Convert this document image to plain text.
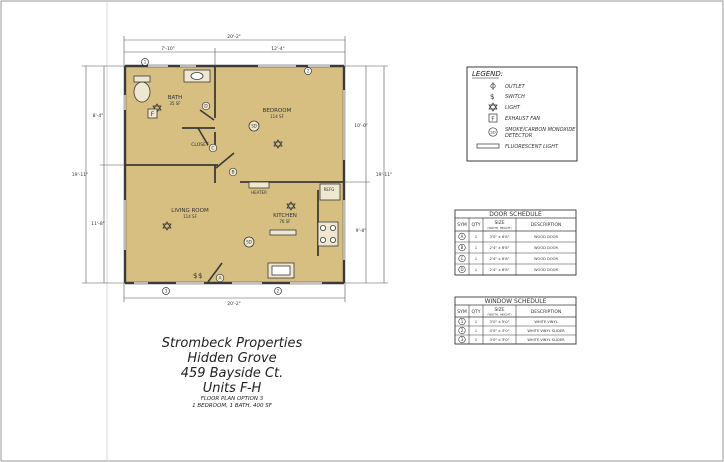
SD
SD
F
$ $
BATH
35 SF
BEDROOM
114 SF
CLOSET
LIVING ROOM
114 SF	KITCHEN
76 SF
HEATER
REFG
A
B
C
D
1
2
3	2
20'-2"
7'-10"	12'-4"
20'-2"
19'-11"
8'-4"
11'-8"
19'-11"
10'-0"
9'-8"
LEGEND:
OUTLET
$ SWITCH
LIGHT
F EXHAUST FAN
SD SMOKE/CARBON MONOXIDE
DETECTOR
FLUORESCENT LIGHT
DOOR SCHEDULE
SYM QTY	SIZE
(WIDTH, HEIGHT)	DESCRIPTION
A	1	3'0" x 6'8"	WOOD DOOR
B	1	2'4" x 6'8"	WOOD DOOR
C	1	2'4" x 6'8"	WOOD DOOR
D	1	2'4" x 6'8"	WOOD DOOR
WINDOW SCHEDULE
SYM QTY	SIZE
(WIDTH, HEIGHT)	DESCRIPTION
1	1	3'0" x 5'0"	WHITE VINYL
2	1	4'0" x 3'0"	WHITE VINYL SLIDER
3	1	3'0" x 3'0"	WHITE VINYL SLIDER
Strombeck Properties
Hidden Grove
459 Bayside Ct.
Units F-H
FLOOR PLAN OPTION 3
1 BEDROOM, 1 BATH, 400 SF
